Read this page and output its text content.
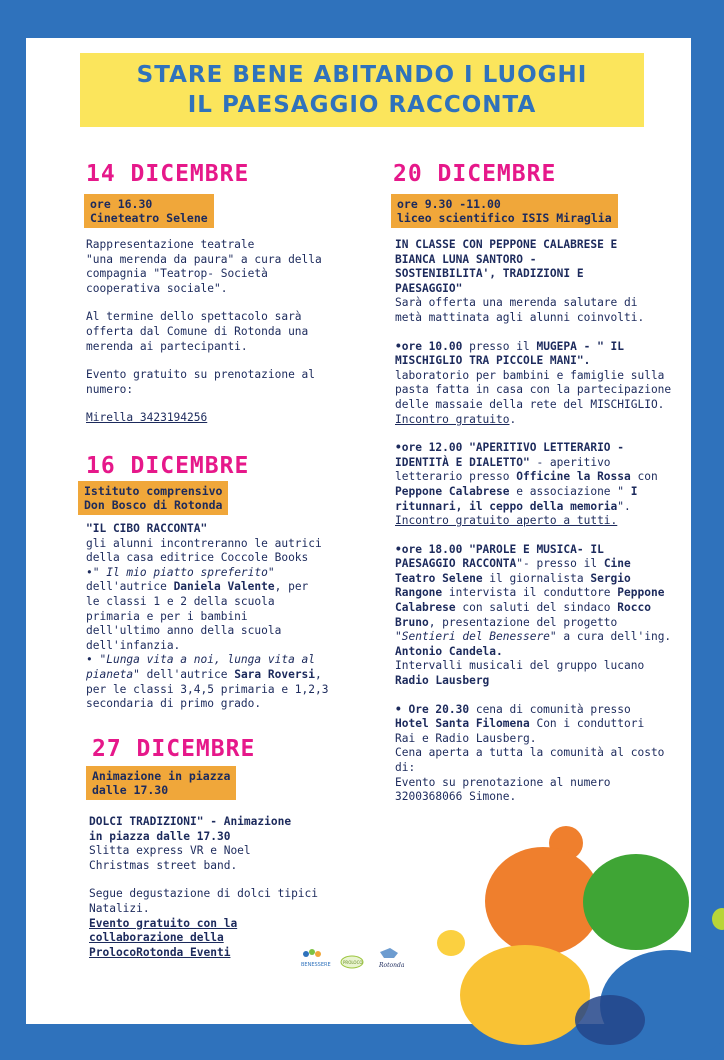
STARE BENE ABITANDO I LUOGHI
IL PAESAGGIO RACCONTA
14 DICEMBRE
ore 16.30
Cineteatro Selene

Rappresentazione teatrale

"una merenda da paura" a cura della

compagnia "Teatrop- Società

cooperativa sociale".

Al termine dello spettacolo sarà

offerta dal Comune di Rotonda una

merenda ai partecipanti.

Evento gratuito su prenotazione al

numero:

Mirella 3423194256

16 DICEMBRE
Istituto comprensivo
Don Bosco di Rotonda

"IL CIBO RACCONTA"

gli alunni incontreranno le autrici

della casa editrice Coccole Books

•" Il mio piatto spreferito"

dell'autrice Daniela Valente, per

le classi 1 e 2 della scuola

primaria e per i bambini

dell'ultimo anno della scuola

dell'infanzia.

• "Lunga vita a noi, lunga vita al

pianeta" dell'autrice Sara Roversi,

per le classi 3,4,5 primaria e 1,2,3

secondaria di primo grado.

27 DICEMBRE
Animazione in piazza
dalle 17.30

DOLCI TRADIZIONI" - Animazione

in piazza dalle 17.30

Slitta express VR e Noel

Christmas street band.

Segue degustazione di dolci tipici

Natalizi.

Evento gratuito con la

collaborazione della

ProlocoRotonda Eventi

20 DICEMBRE
ore 9.30 -11.00
liceo scientifico ISIS Miraglia

IN CLASSE CON PEPPONE CALABRESE E

BIANCA LUNA SANTORO -

SOSTENIBILITA', TRADIZIONI E

PAESAGGIO"

Sarà offerta una merenda salutare di

metà mattinata agli alunni coinvolti.

•ore 10.00 presso il MUGEPA - " IL

MISCHIGLIO TRA PICCOLE MANI".

laboratorio per bambini e famiglie sulla

pasta fatta in casa con la partecipazione

delle massaie della rete del MISCHIGLIO.

Incontro gratuito.

•ore 12.00 "APERITIVO LETTERARIO -

IDENTITÀ E DIALETTO" - aperitivo

letterario presso Officine la Rossa con

Peppone Calabrese e associazione " I

ritunnari, il ceppo della memoria".

Incontro gratuito aperto a tutti.

•ore 18.00 "PAROLE E MUSICA- IL

PAESAGGIO RACCONTA"- presso il Cine

Teatro Selene il giornalista Sergio

Rangone intervista il conduttore Peppone

Calabrese con saluti del sindaco Rocco

Bruno, presentazione del progetto

"Sentieri del Benessere" a cura dell'ing.

Antonio Candela.

Intervalli musicali del gruppo lucano

Radio Lausberg

• Ore 20.30 cena di comunità presso

Hotel Santa Filomena Con i conduttori

Rai e Radio Lausberg.

Cena aperta a tutta la comunità al costo

di:

Evento su prenotazione al numero

3200368066 Simone.

BENESSERE	PROLOCO	Rotonda
